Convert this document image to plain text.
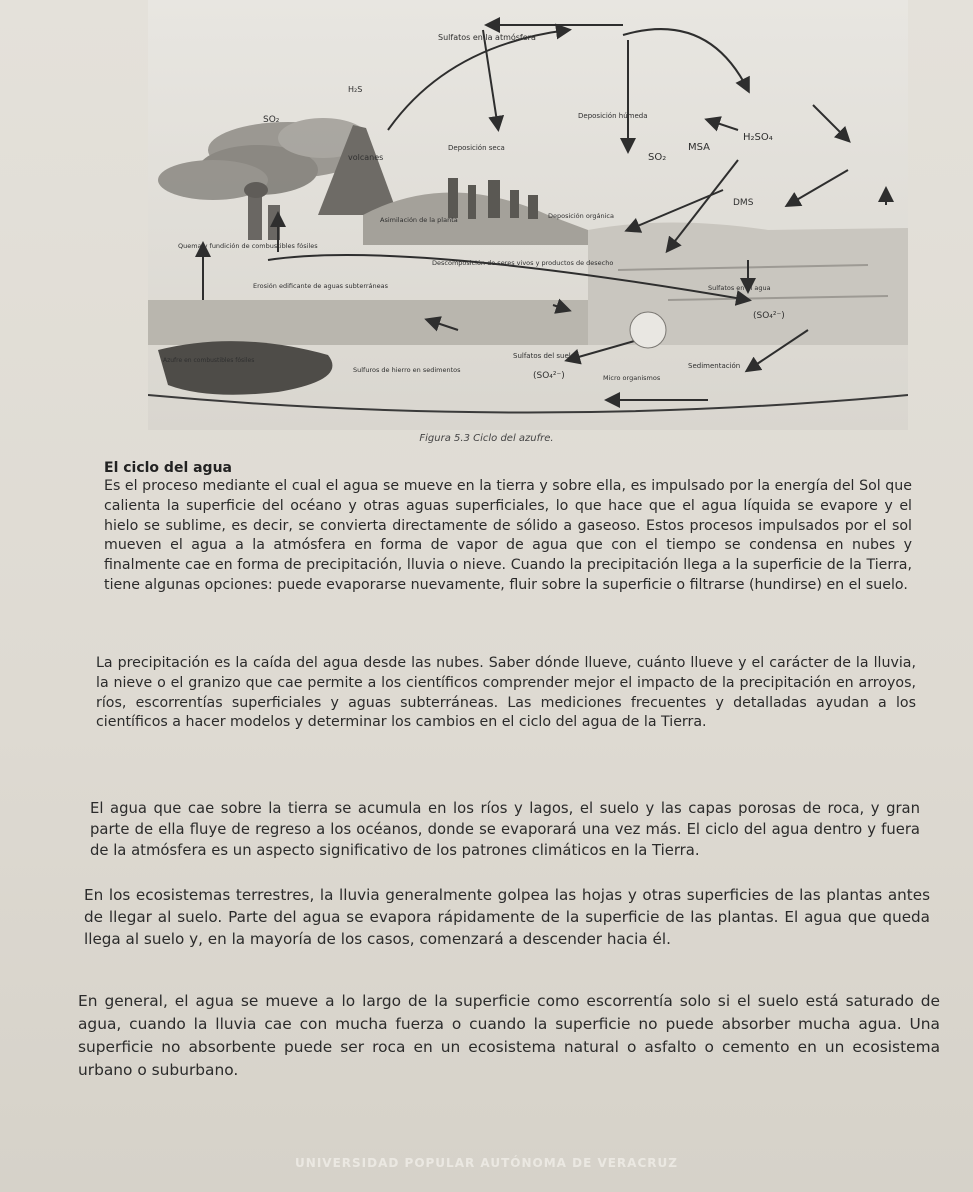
Sulfatos en la atmósfera
H₂S
SO₂	Deposición húmeda
Deposición seca
volcanes	SO₂
MSA
H₂SO₄
DMS
Quema y fundición de combustibles fósiles
Asimilación de la planta	Deposición orgánica
Descomposición de seres vivos y productos de desecho
Erosión edificante de aguas subterráneas	Sulfatos en el agua
(SO₄²⁻)
Azufre en combustibles fósiles
Sulfuros de hierro en sedimentos
Sulfatos del suelo
(SO₄²⁻)	Micro organismos
Sedimentación
Figura 5.3 Ciclo del azufre.
El ciclo del agua

Es el proceso mediante el cual el agua se mueve en la tierra y sobre ella, es impulsado por la energía del Sol que calienta la superficie del océano y otras aguas superficiales, lo que hace que el agua líquida se evapore y el hielo se sublime, es decir, se convierta directamente de sólido a gaseoso. Estos procesos impulsados por el sol mueven el agua a la atmósfera en forma de vapor de agua que con el tiempo se condensa en nubes y finalmente cae en forma de precipitación, lluvia o nieve. Cuando la precipitación llega a la superficie de la Tierra, tiene algunas opciones: puede evaporarse nuevamente, fluir sobre la superficie o filtrarse (hundirse) en el suelo.

La precipitación es la caída del agua desde las nubes. Saber dónde llueve, cuánto llueve y el carácter de la lluvia, la nieve o el granizo que cae permite a los científicos comprender mejor el impacto de la precipitación en arroyos, ríos, escorrentías superficiales y aguas subterráneas. Las mediciones frecuentes y detalladas ayudan a los científicos a hacer modelos y determinar los cambios en el ciclo del agua de la Tierra.

El agua que cae sobre la tierra se acumula en los ríos y lagos, el suelo y las capas porosas de roca, y gran parte de ella fluye de regreso a los océanos, donde se evaporará una vez más. El ciclo del agua dentro y fuera de la atmósfera es un aspecto significativo de los patrones climáticos en la Tierra.

En los ecosistemas terrestres, la lluvia generalmente golpea las hojas y otras superficies de las plantas antes de llegar al suelo. Parte del agua se evapora rápidamente de la superficie de las plantas. El agua que queda llega al suelo y, en la mayoría de los casos, comenzará a descender hacia él.

En general, el agua se mueve a lo largo de la superficie como escorrentía solo si el suelo está saturado de agua, cuando la lluvia cae con mucha fuerza o cuando la superficie no puede absorber mucha agua. Una superficie no absorbente puede ser roca en un ecosistema natural o asfalto o cemento en un ecosistema urbano o suburbano.

UNIVERSIDAD POPULAR AUTÓNOMA DE VERACRUZ
